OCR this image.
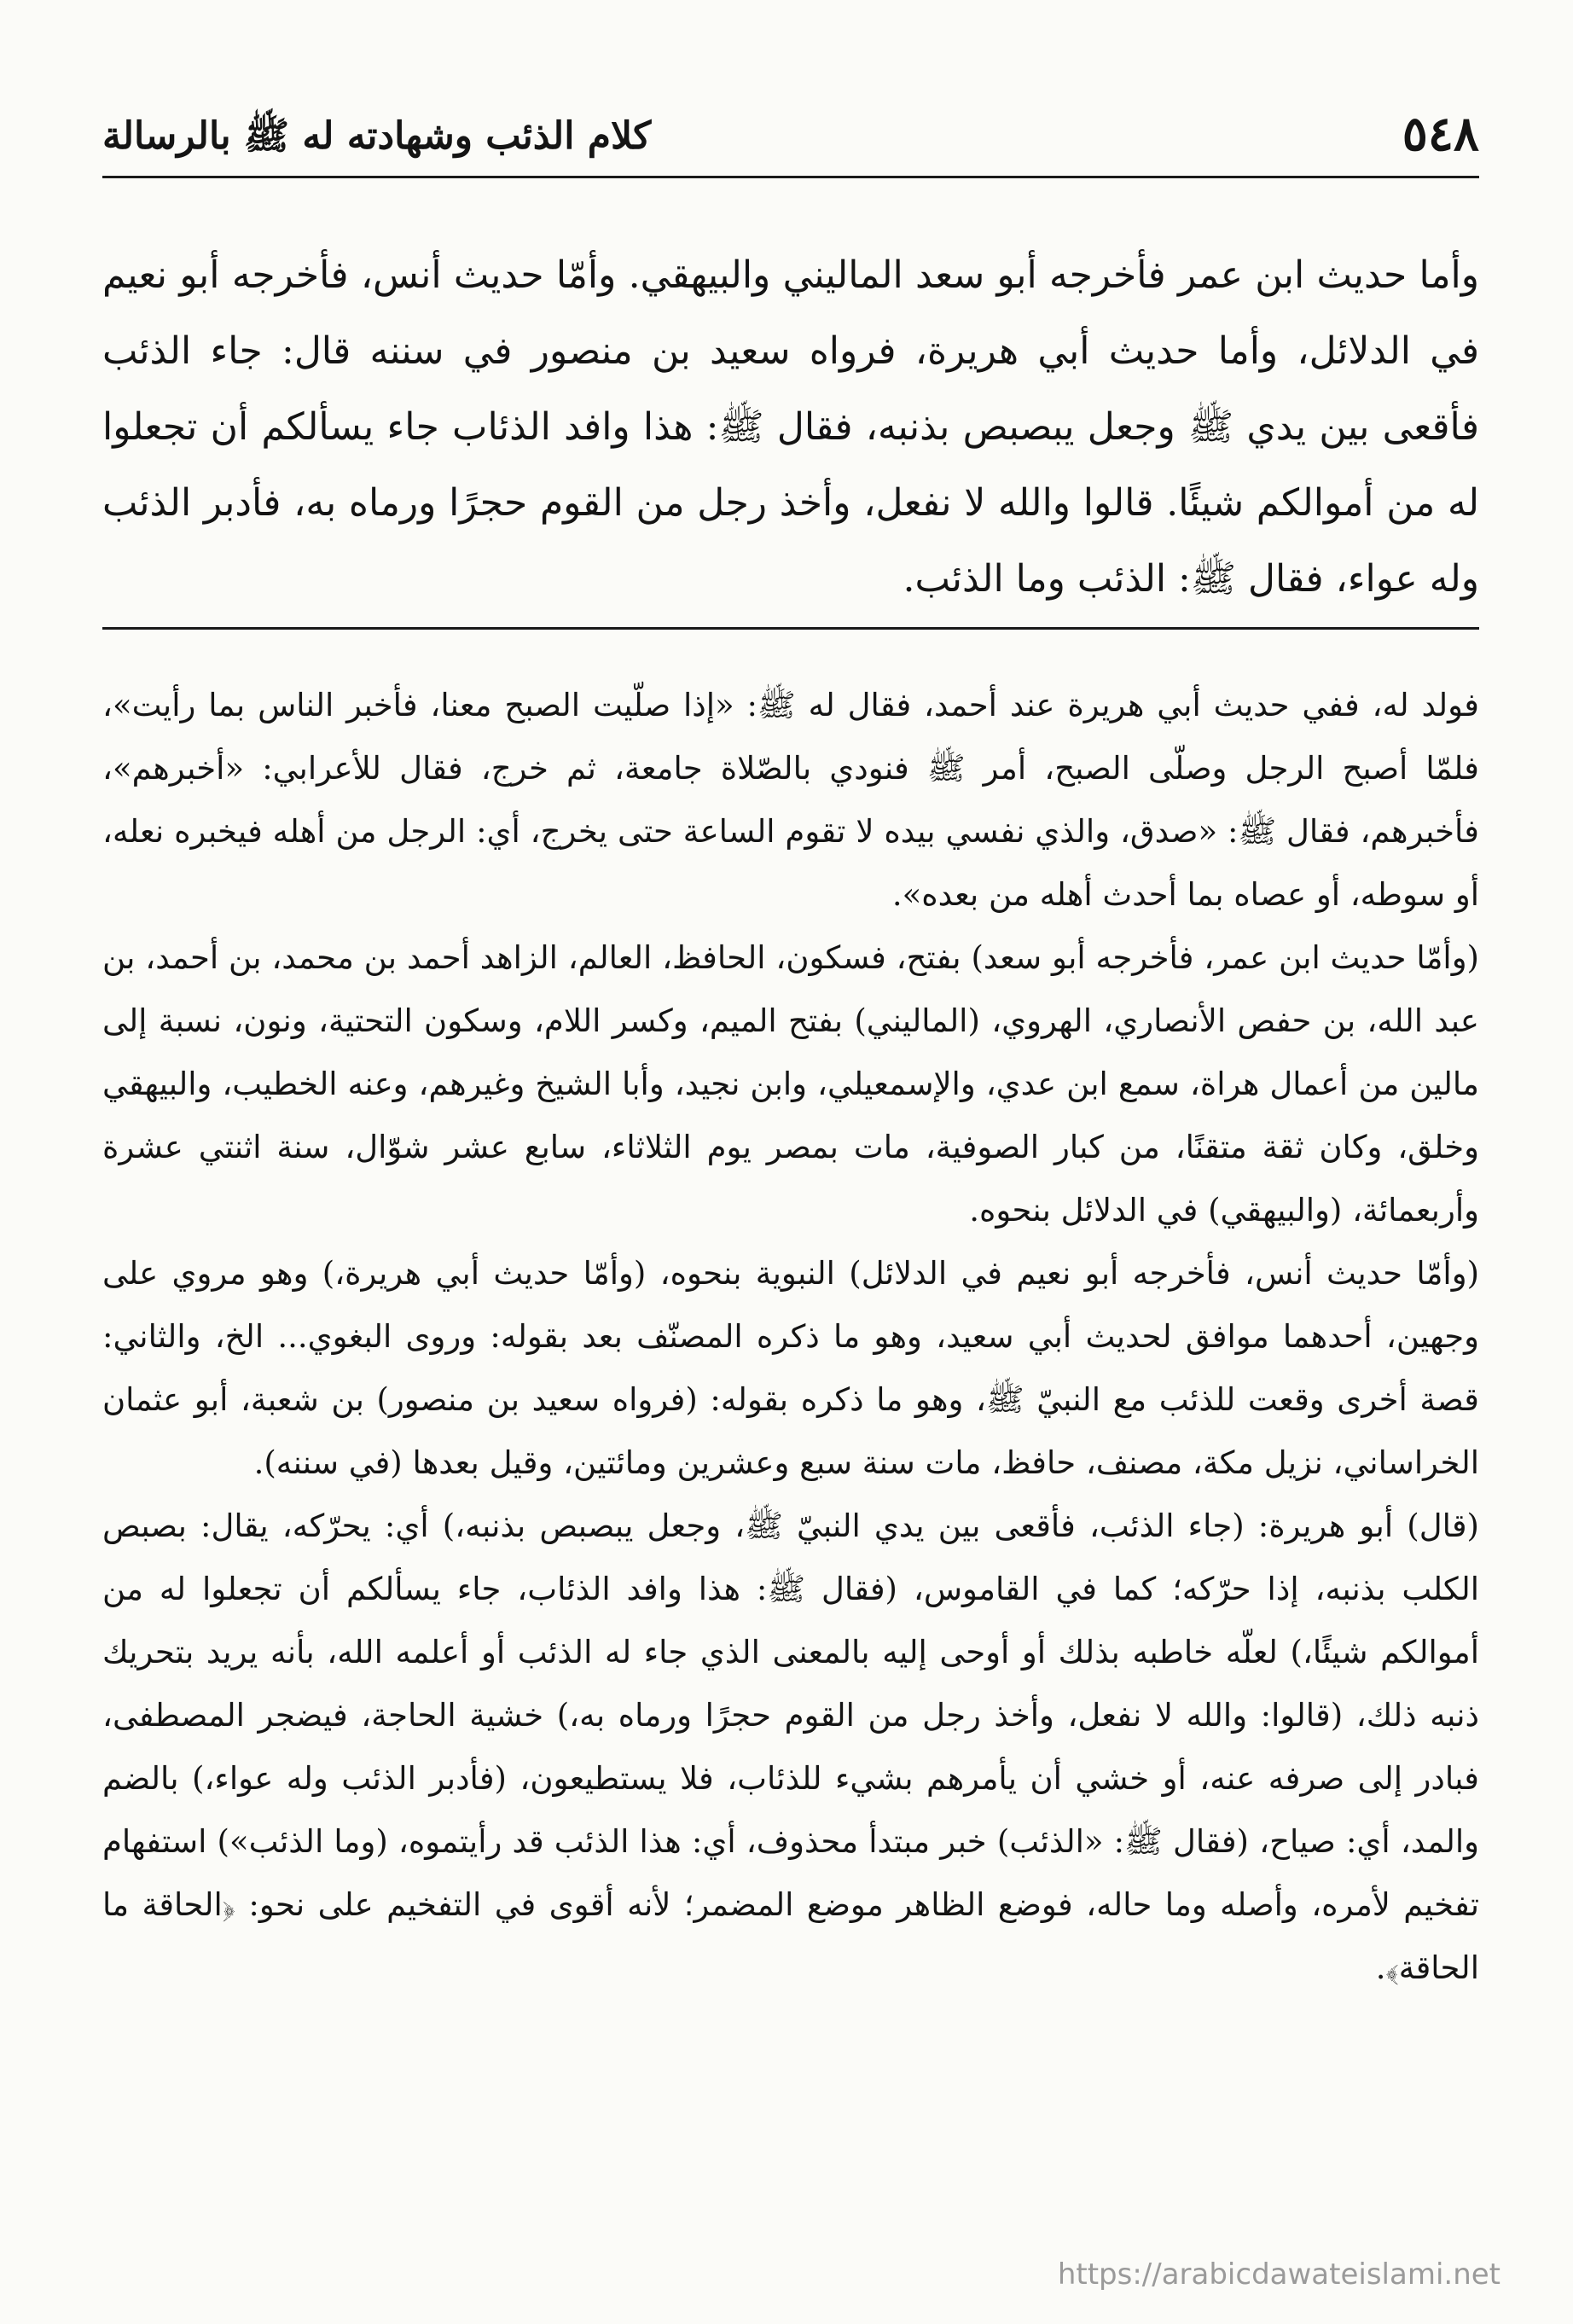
٥٤٨
كلام الذئب وشهادته له ﷺ بالرسالة

وأما حديث ابن عمر فأخرجه أبو سعد الماليني والبيهقي. وأمّا حديث أنس، فأخرجه أبو نعيم في الدلائل، وأما حديث أبي هريرة، فرواه سعيد بن منصور في سننه قال: جاء الذئب فأقعى بين يدي ﷺ وجعل يبصبص بذنبه، فقال ﷺ: هذا وافد الذئاب جاء يسألكم أن تجعلوا له من أموالكم شيئًا. قالوا والله لا نفعل، وأخذ رجل من القوم حجرًا ورماه به، فأدبر الذئب وله عواء، فقال ﷺ: الذئب وما الذئب.

فولد له، ففي حديث أبي هريرة عند أحمد، فقال له ﷺ: «إذا صلّيت الصبح معنا، فأخبر الناس بما رأيت»، فلمّا أصبح الرجل وصلّى الصبح، أمر ﷺ فنودي بالصّلاة جامعة، ثم خرج، فقال للأعرابي: «أخبرهم»، فأخبرهم، فقال ﷺ: «صدق، والذي نفسي بيده لا تقوم الساعة حتى يخرج، أي: الرجل من أهله فيخبره نعله، أو سوطه، أو عصاه بما أحدث أهله من بعده».

(وأمّا حديث ابن عمر، فأخرجه أبو سعد) بفتح، فسكون، الحافظ، العالم، الزاهد أحمد بن محمد، بن أحمد، بن عبد الله، بن حفص الأنصاري، الهروي، (الماليني) بفتح الميم، وكسر اللام، وسكون التحتية، ونون، نسبة إلى مالين من أعمال هراة، سمع ابن عدي، والإسمعيلي، وابن نجيد، وأبا الشيخ وغيرهم، وعنه الخطيب، والبيهقي وخلق، وكان ثقة متقنًا، من كبار الصوفية، مات بمصر يوم الثلاثاء، سابع عشر شوّال، سنة اثنتي عشرة وأربعمائة، (والبيهقي) في الدلائل بنحوه.

(وأمّا حديث أنس، فأخرجه أبو نعيم في الدلائل) النبوية بنحوه، (وأمّا حديث أبي هريرة،) وهو مروي على وجهين، أحدهما موافق لحديث أبي سعيد، وهو ما ذكره المصنّف بعد بقوله: وروى البغوي... الخ، والثاني: قصة أخرى وقعت للذئب مع النبيّ ﷺ، وهو ما ذكره بقوله: (فرواه سعيد بن منصور) بن شعبة، أبو عثمان الخراساني، نزيل مكة، مصنف، حافظ، مات سنة سبع وعشرين ومائتين، وقيل بعدها (في سننه).

(قال) أبو هريرة: (جاء الذئب، فأقعى بين يدي النبيّ ﷺ، وجعل يبصبص بذنبه،) أي: يحرّكه، يقال: بصبص الكلب بذنبه، إذا حرّكه؛ كما في القاموس، (فقال ﷺ: هذا وافد الذئاب، جاء يسألكم أن تجعلوا له من أموالكم شيئًا،) لعلّه خاطبه بذلك أو أوحى إليه بالمعنى الذي جاء له الذئب أو أعلمه الله، بأنه يريد بتحريك ذنبه ذلك، (قالوا: والله لا نفعل، وأخذ رجل من القوم حجرًا ورماه به،) خشية الحاجة، فيضجر المصطفى، فبادر إلى صرفه عنه، أو خشي أن يأمرهم بشيء للذئاب، فلا يستطيعون، (فأدبر الذئب وله عواء،) بالضم والمد، أي: صياح، (فقال ﷺ: «الذئب) خبر مبتدأ محذوف، أي: هذا الذئب قد رأيتموه، (وما الذئب») استفهام تفخيم لأمره، وأصله وما حاله، فوضع الظاهر موضع المضمر؛ لأنه أقوى في التفخيم على نحو: ﴿الحاقة ما الحاقة﴾.

https://arabicdawateislami.net
